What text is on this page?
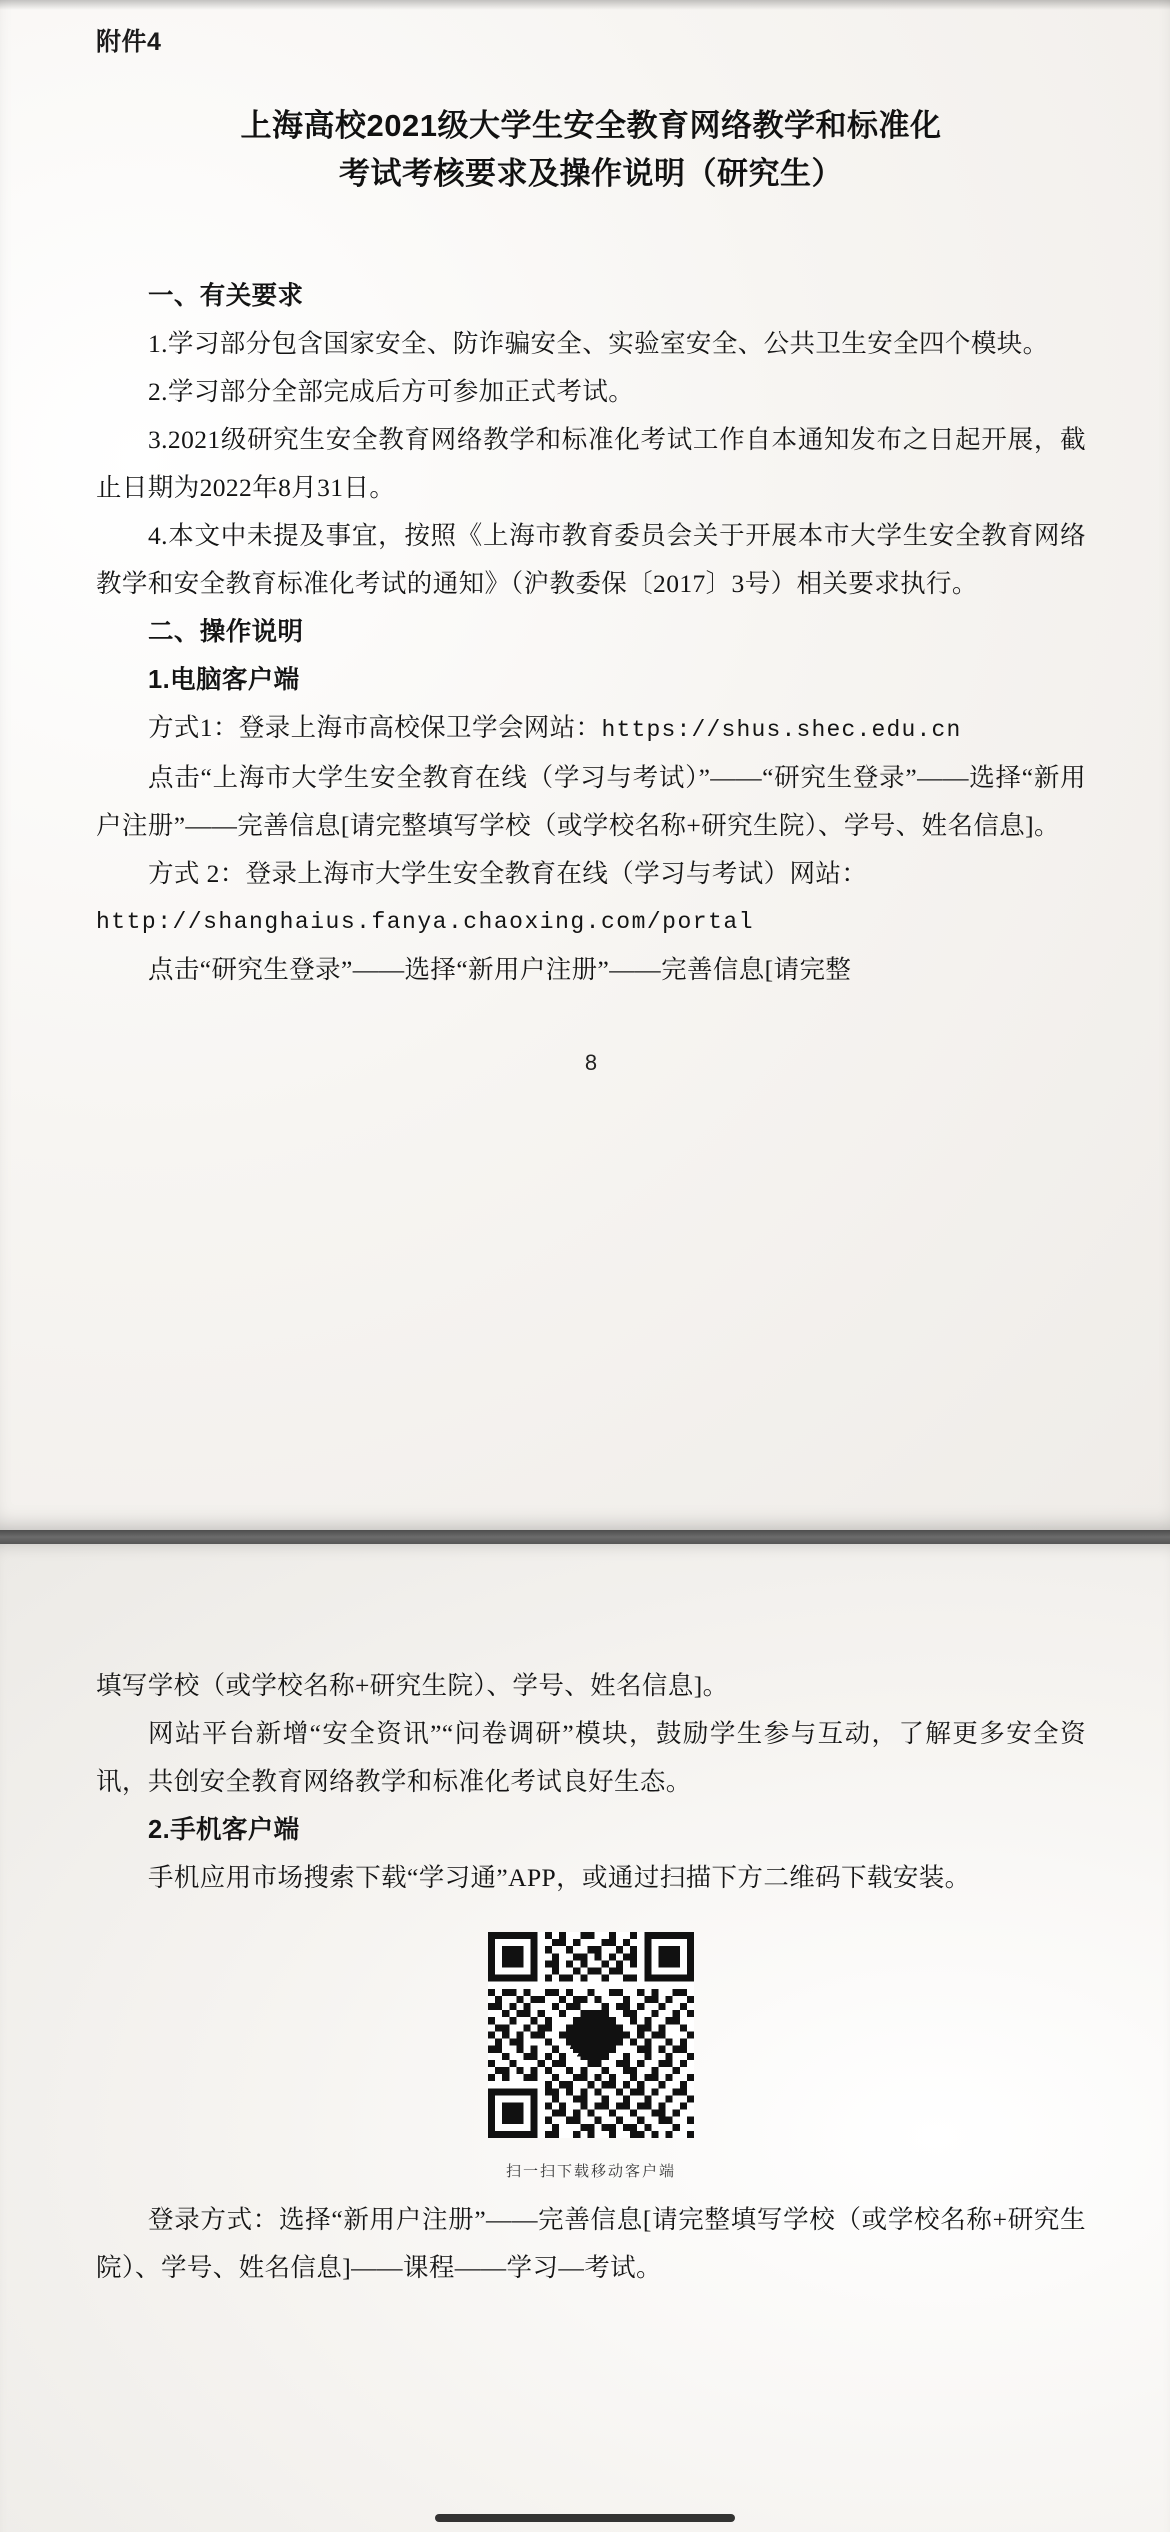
附件4
上海高校2021级大学生安全教育网络教学和标准化
考试考核要求及操作说明（研究生）

一、有关要求

1.学习部分包含国家安全、防诈骗安全、实验室安全、公共卫生安全四个模块。

2.学习部分全部完成后方可参加正式考试。

3.2021级研究生安全教育网络教学和标准化考试工作自本通知发布之日起开展，截止日期为2022年8月31日。

4.本文中未提及事宜，按照《上海市教育委员会关于开展本市大学生安全教育网络教学和安全教育标准化考试的通知》（沪教委保〔2017〕3号）相关要求执行。

二、操作说明

1.电脑客户端

方式1：登录上海市高校保卫学会网站：https://shus.shec.edu.cn

点击“上海市大学生安全教育在线（学习与考试）”——“研究生登录”——选择“新用户注册”——完善信息[请完整填写学校（或学校名称+研究生院）、学号、姓名信息]。

方式 2：登录上海市大学生安全教育在线（学习与考试）网站：

http://shanghaius.fanya.chaoxing.com/portal

点击“研究生登录”——选择“新用户注册”——完善信息[请完整

8

填写学校（或学校名称+研究生院）、学号、姓名信息]。

网站平台新增“安全资讯”“问卷调研”模块，鼓励学生参与互动，了解更多安全资讯，共创安全教育网络教学和标准化考试良好生态。

2.手机客户端

手机应用市场搜索下载“学习通”APP，或通过扫描下方二维码下载安装。

扫一扫下载移动客户端

登录方式：选择“新用户注册”——完善信息[请完整填写学校（或学校名称+研究生院）、学号、姓名信息]——课程——学习—考试。
